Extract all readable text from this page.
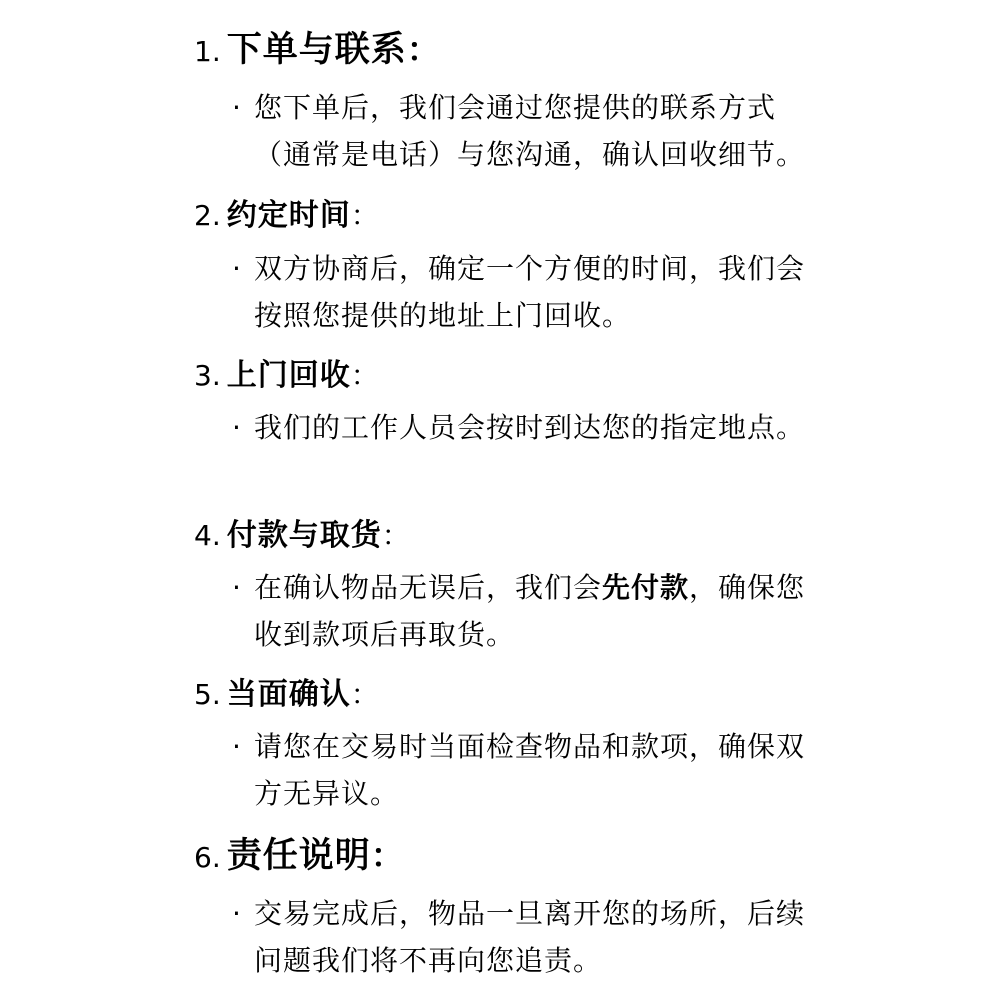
1. 下单与联系 ：
· 您下单后，我们会通过您提供的联系方式（通常是电话）与您沟通，确认回收细节。
2. 约定时间 ：
· 双方协商后，确定一个方便的时间，我们会按照您提供的地址上门回收。
3. 上门回收 ：
· 我们的工作人员会按时到达您的指定地点。
4. 付款与取货 ：
· 在确认物品无误后，我们会先付款，确保您收到款项后再取货。
5. 当面确认 ：
· 请您在交易时当面检查物品和款项，确保双方无异议。
6. 责任说明 ：
· 交易完成后，物品一旦离开您的场所，后续问题我们将不再向您追责。
